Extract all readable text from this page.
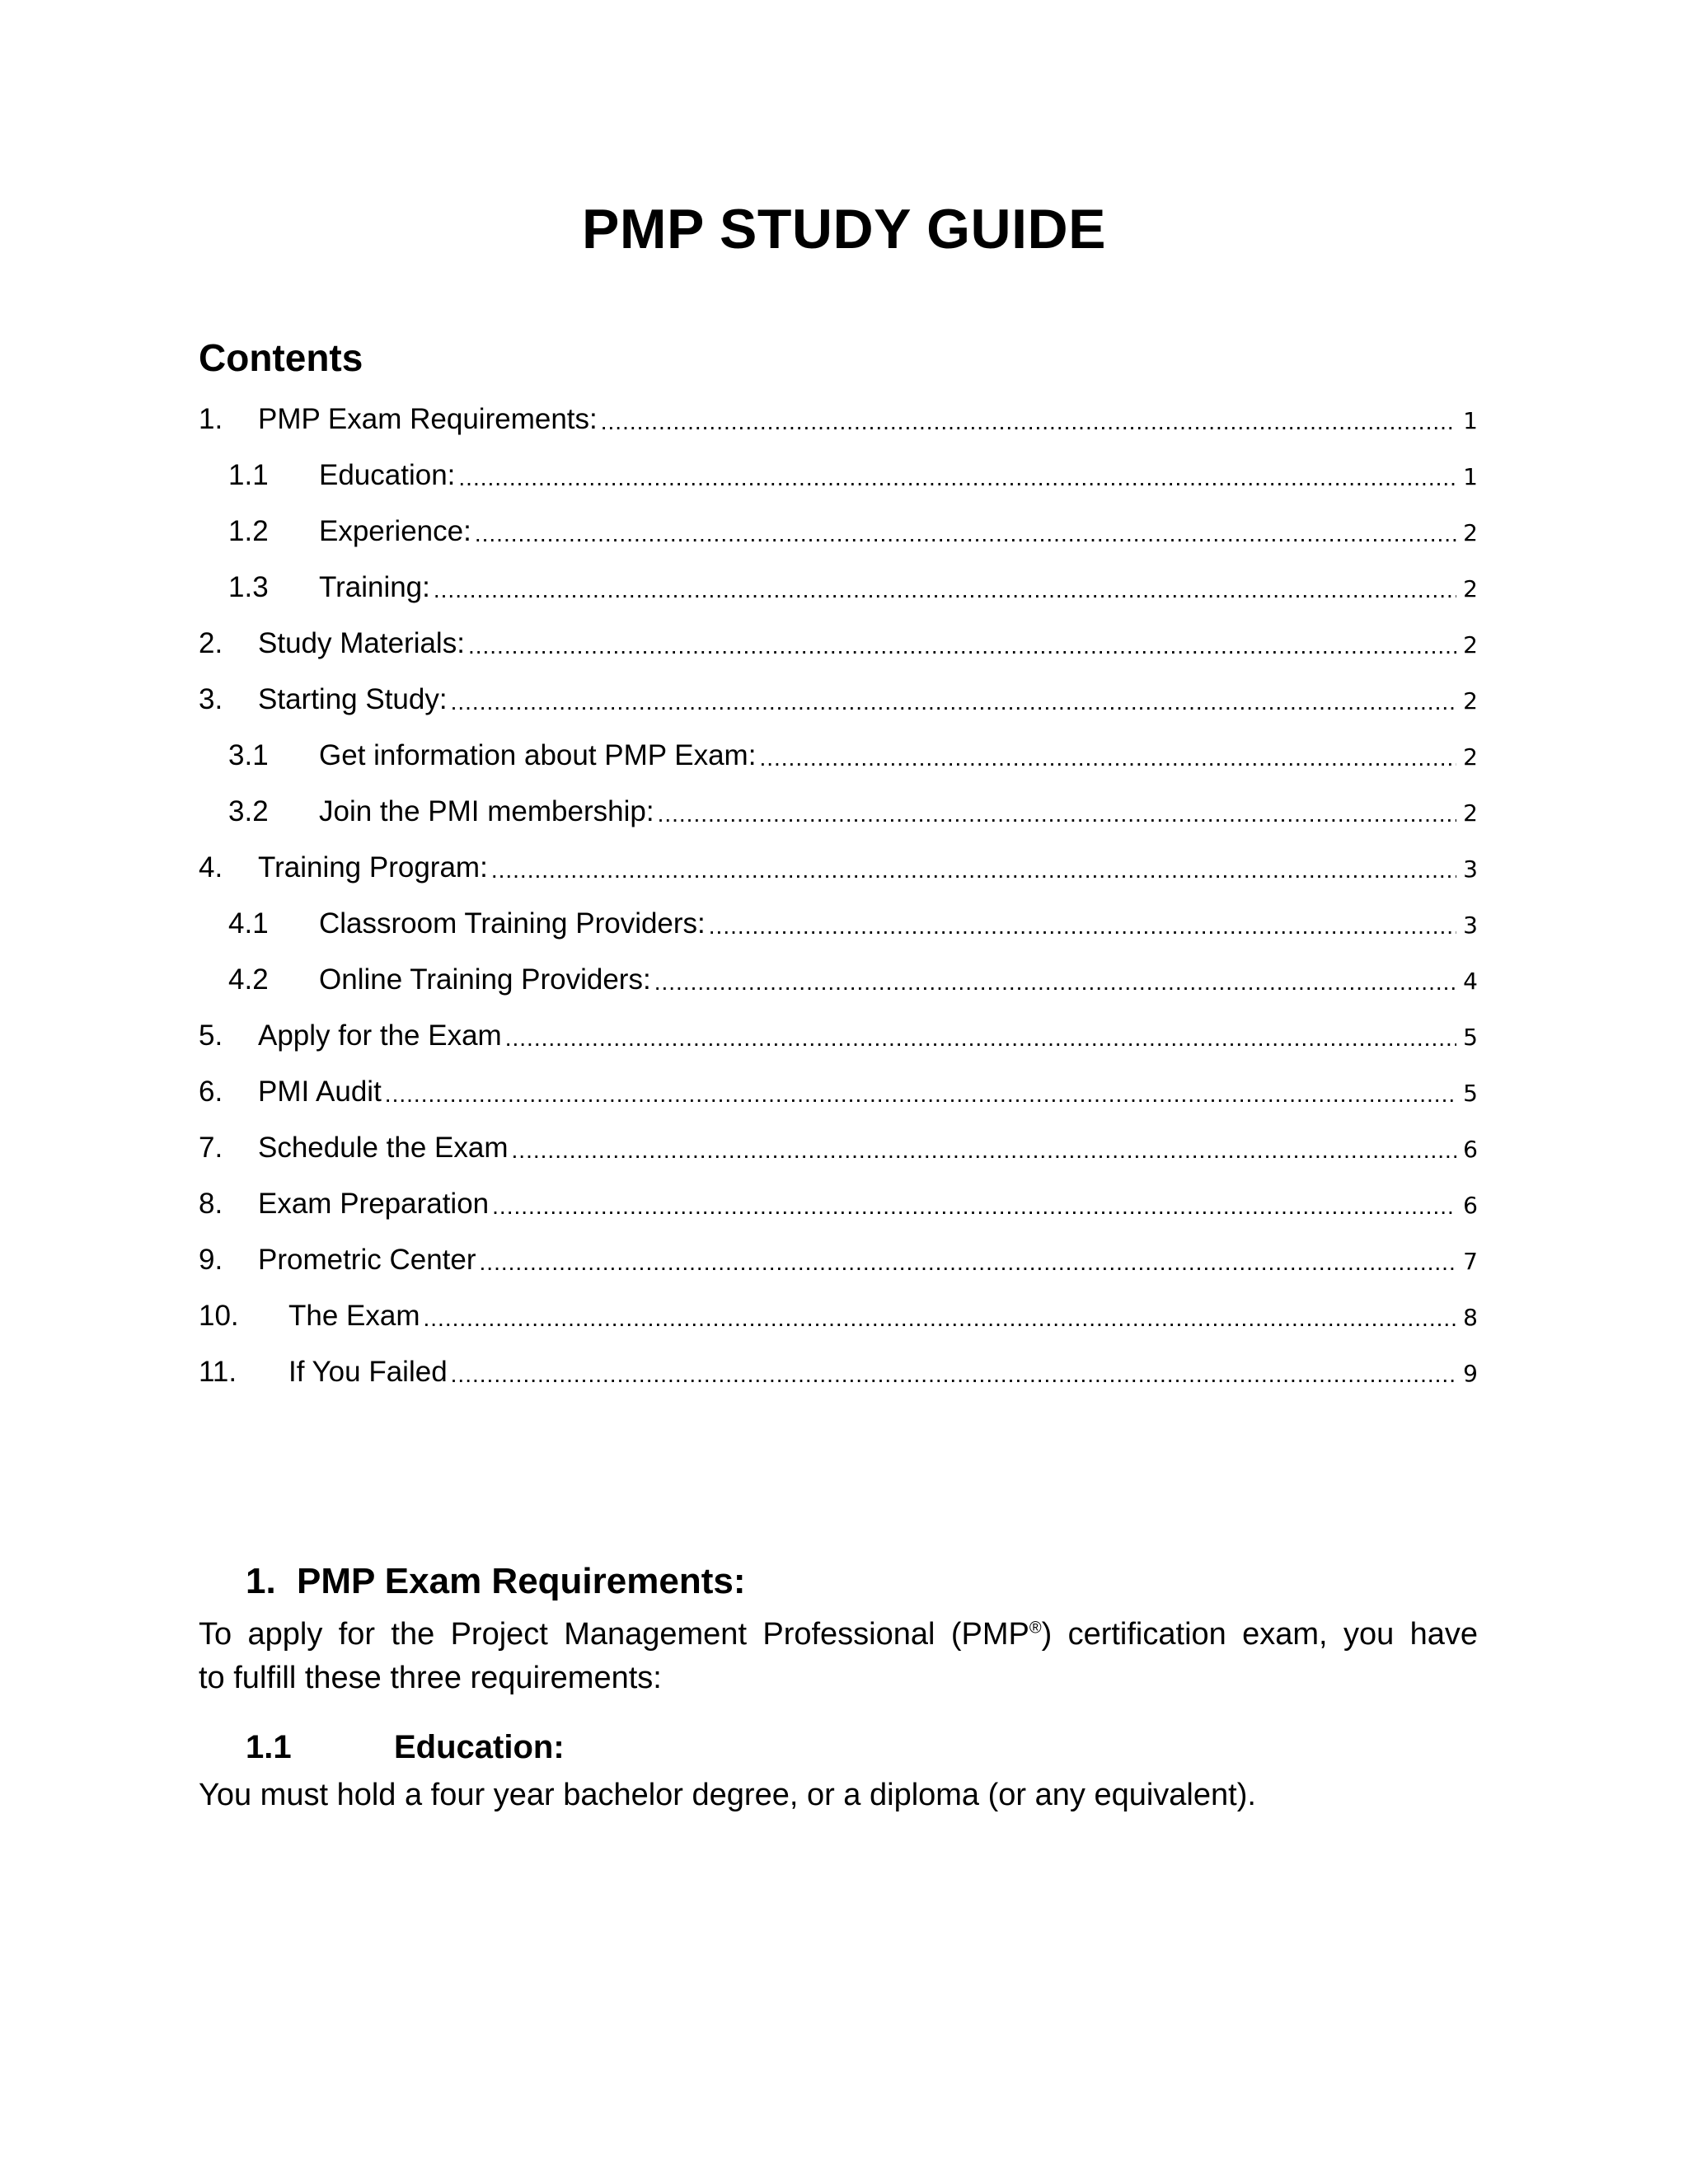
PMP STUDY GUIDE
Contents
1.	PMP Exam Requirements: .....	1
1.1	Education: .....	1
1.2	Experience: .....	2
1.3	Training: .....	2
2.	Study Materials: .....	2
3.	Starting Study: .....	2
3.1	Get information about PMP Exam: .....	2
3.2	Join the PMI membership: .....	2
4.	Training Program: .....	3
4.1	Classroom Training Providers: .....	3
4.2	Online Training Providers: .....	4
5.	Apply for the Exam .....	5
6.	PMI Audit .....	5
7.	Schedule the Exam .....	6
8.	Exam Preparation .....	6
9.	Prometric Center .....	7
10.	The Exam .....	8
11.	If You Failed .....	9
1. PMP Exam Requirements:
To apply for the Project Management Professional (PMP®) certification exam, you have
to fulfill these three requirements:
1.1	Education:
You must hold a four year bachelor degree, or a diploma (or any equivalent).
